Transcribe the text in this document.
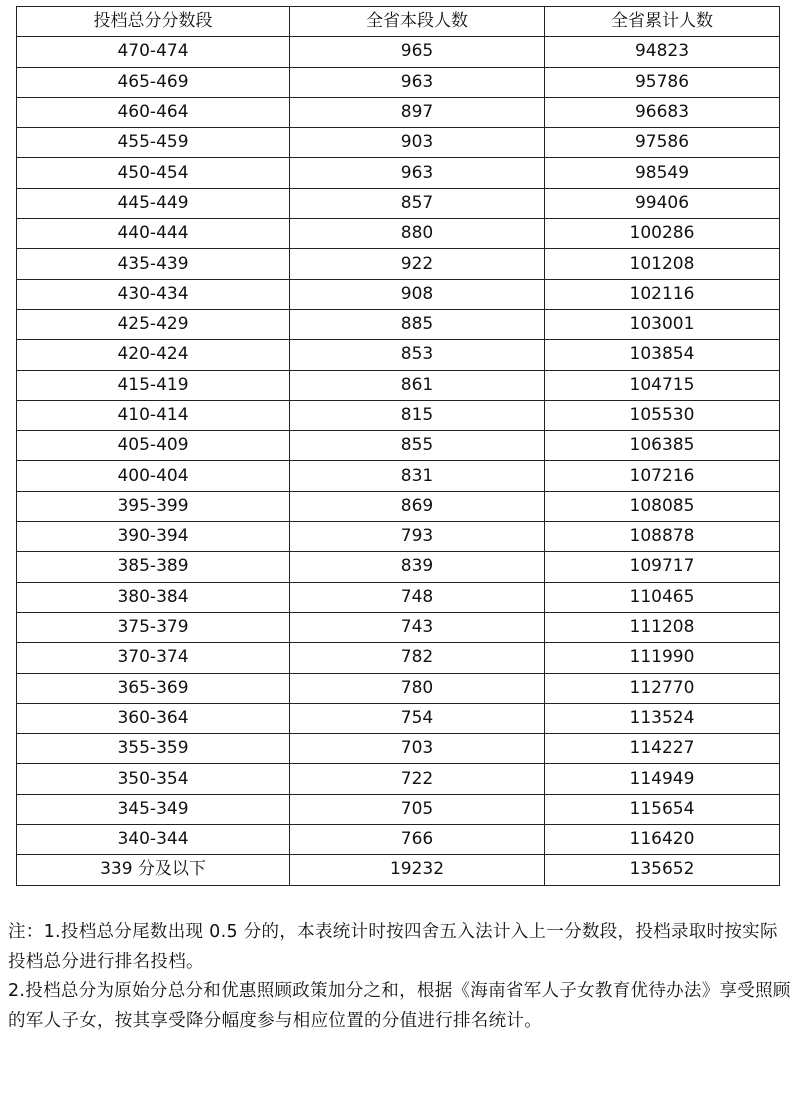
投档总分分数段	全省本段人数	全省累计人数
470-474	965	94823
465-469	963	95786
460-464	897	96683
455-459	903	97586
450-454	963	98549
445-449	857	99406
440-444	880	100286
435-439	922	101208
430-434	908	102116
425-429	885	103001
420-424	853	103854
415-419	861	104715
410-414	815	105530
405-409	855	106385
400-404	831	107216
395-399	869	108085
390-394	793	108878
385-389	839	109717
380-384	748	110465
375-379	743	111208
370-374	782	111990
365-369	780	112770
360-364	754	113524
355-359	703	114227
350-354	722	114949
345-349	705	115654
340-344	766	116420
339 分及以下	19232	135652

注：1.投档总分尾数出现 0.5 分的，本表统计时按四舍五入法计入上一分数段，投档录取时按实际投档总分进行排名投档。

2.投档总分为原始分总分和优惠照顾政策加分之和，根据《海南省军人子女教育优待办法》享受照顾的军人子女，按其享受降分幅度参与相应位置的分值进行排名统计。
